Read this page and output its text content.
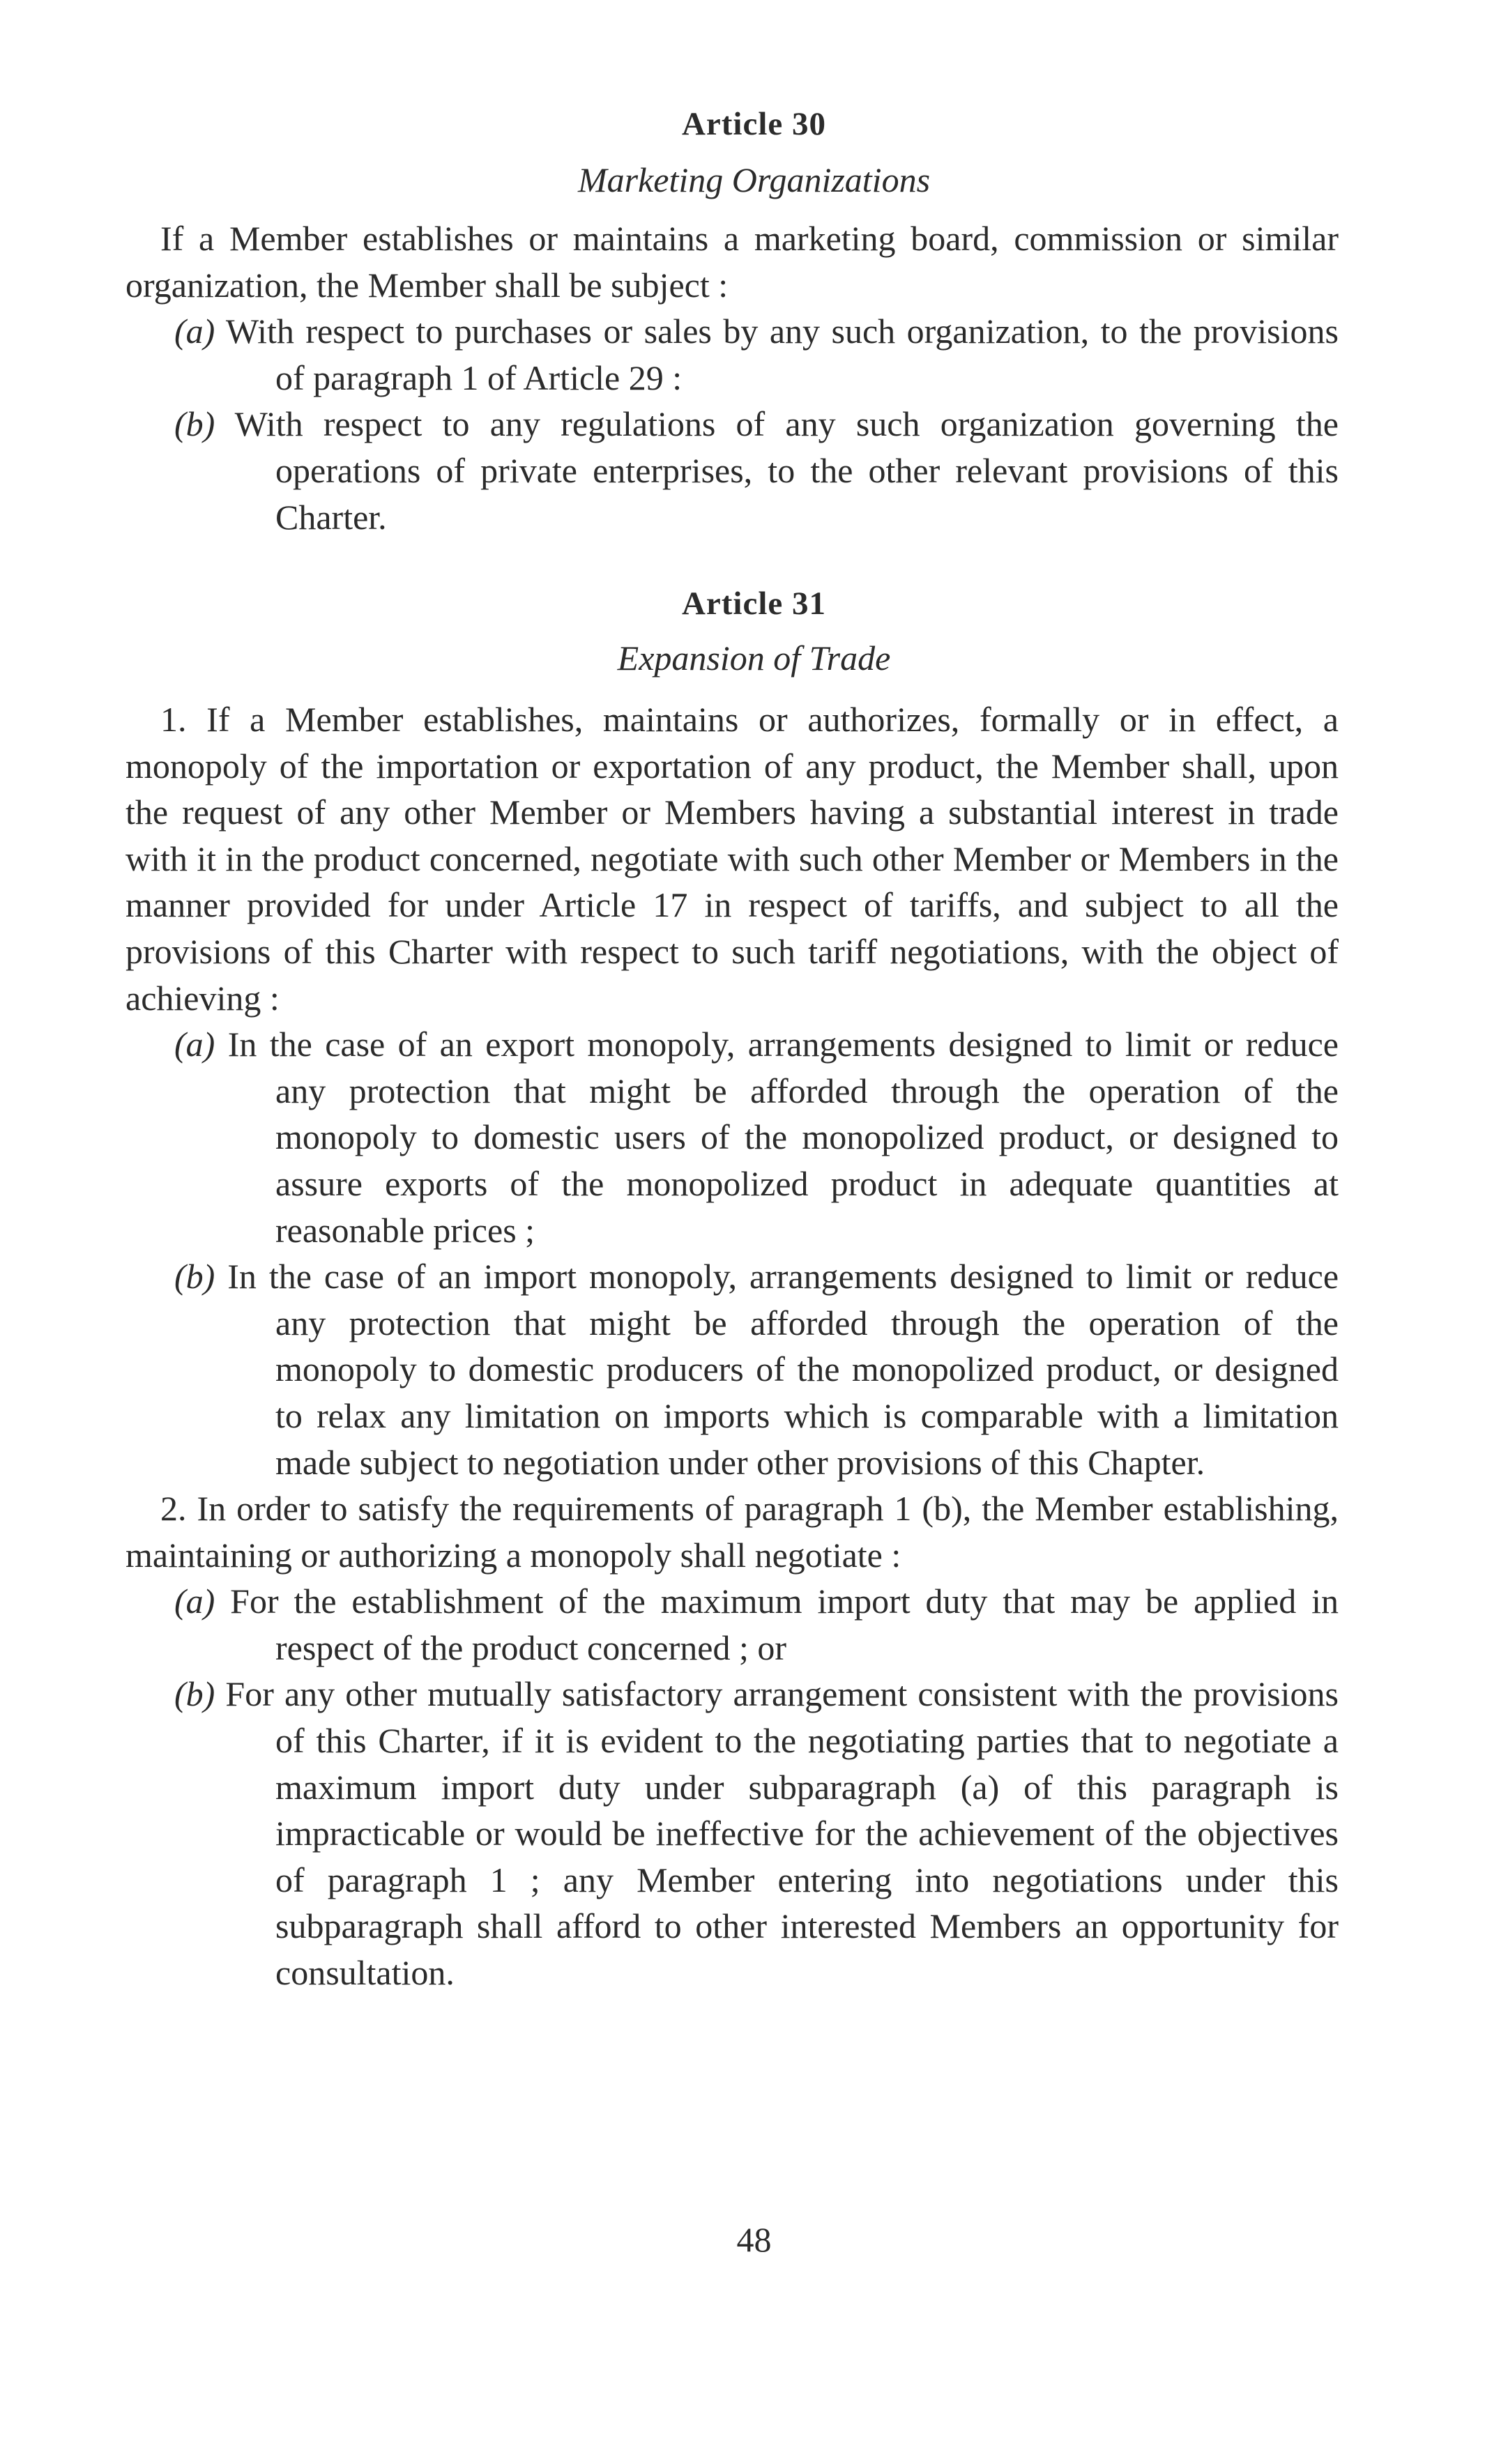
Article 30
Marketing Organizations

If a Member establishes or maintains a marketing board, commission or similar organization, the Member shall be subject :

(a) With respect to purchases or sales by any such organization, to the provisions of paragraph 1 of Article 29 :

(b) With respect to any regulations of any such organization governing the operations of private enterprises, to the other relevant provisions of this Charter.

Article 31
Expansion of Trade

1. If a Member establishes, maintains or authorizes, formally or in effect, a monopoly of the importation or exportation of any product, the Member shall, upon the request of any other Member or Members having a substantial interest in trade with it in the product concerned, negotiate with such other Member or Members in the manner provided for under Article 17 in respect of tariffs, and subject to all the provisions of this Charter with respect to such tariff negotiations, with the object of achieving :

(a) In the case of an export monopoly, arrangements designed to limit or reduce any protection that might be afforded through the operation of the monopoly to domestic users of the monopolized product, or designed to assure exports of the monopolized product in adequate quantities at reasonable prices ;

(b) In the case of an import monopoly, arrangements designed to limit or reduce any protection that might be afforded through the operation of the monopoly to domestic producers of the monopolized product, or designed to relax any limitation on imports which is comparable with a limitation made subject to negotiation under other provisions of this Chapter.

2. In order to satisfy the requirements of paragraph 1 (b), the Member establishing, maintaining or authorizing a monopoly shall negotiate :

(a) For the establishment of the maximum import duty that may be applied in respect of the product concerned ; or

(b) For any other mutually satisfactory arrangement consistent with the provisions of this Charter, if it is evident to the negotiating parties that to negotiate a maximum import duty under subparagraph (a) of this paragraph is impracticable or would be ineffective for the achievement of the objectives of paragraph 1 ; any Member entering into negotiations under this subparagraph shall afford to other interested Members an opportunity for consultation.

48
